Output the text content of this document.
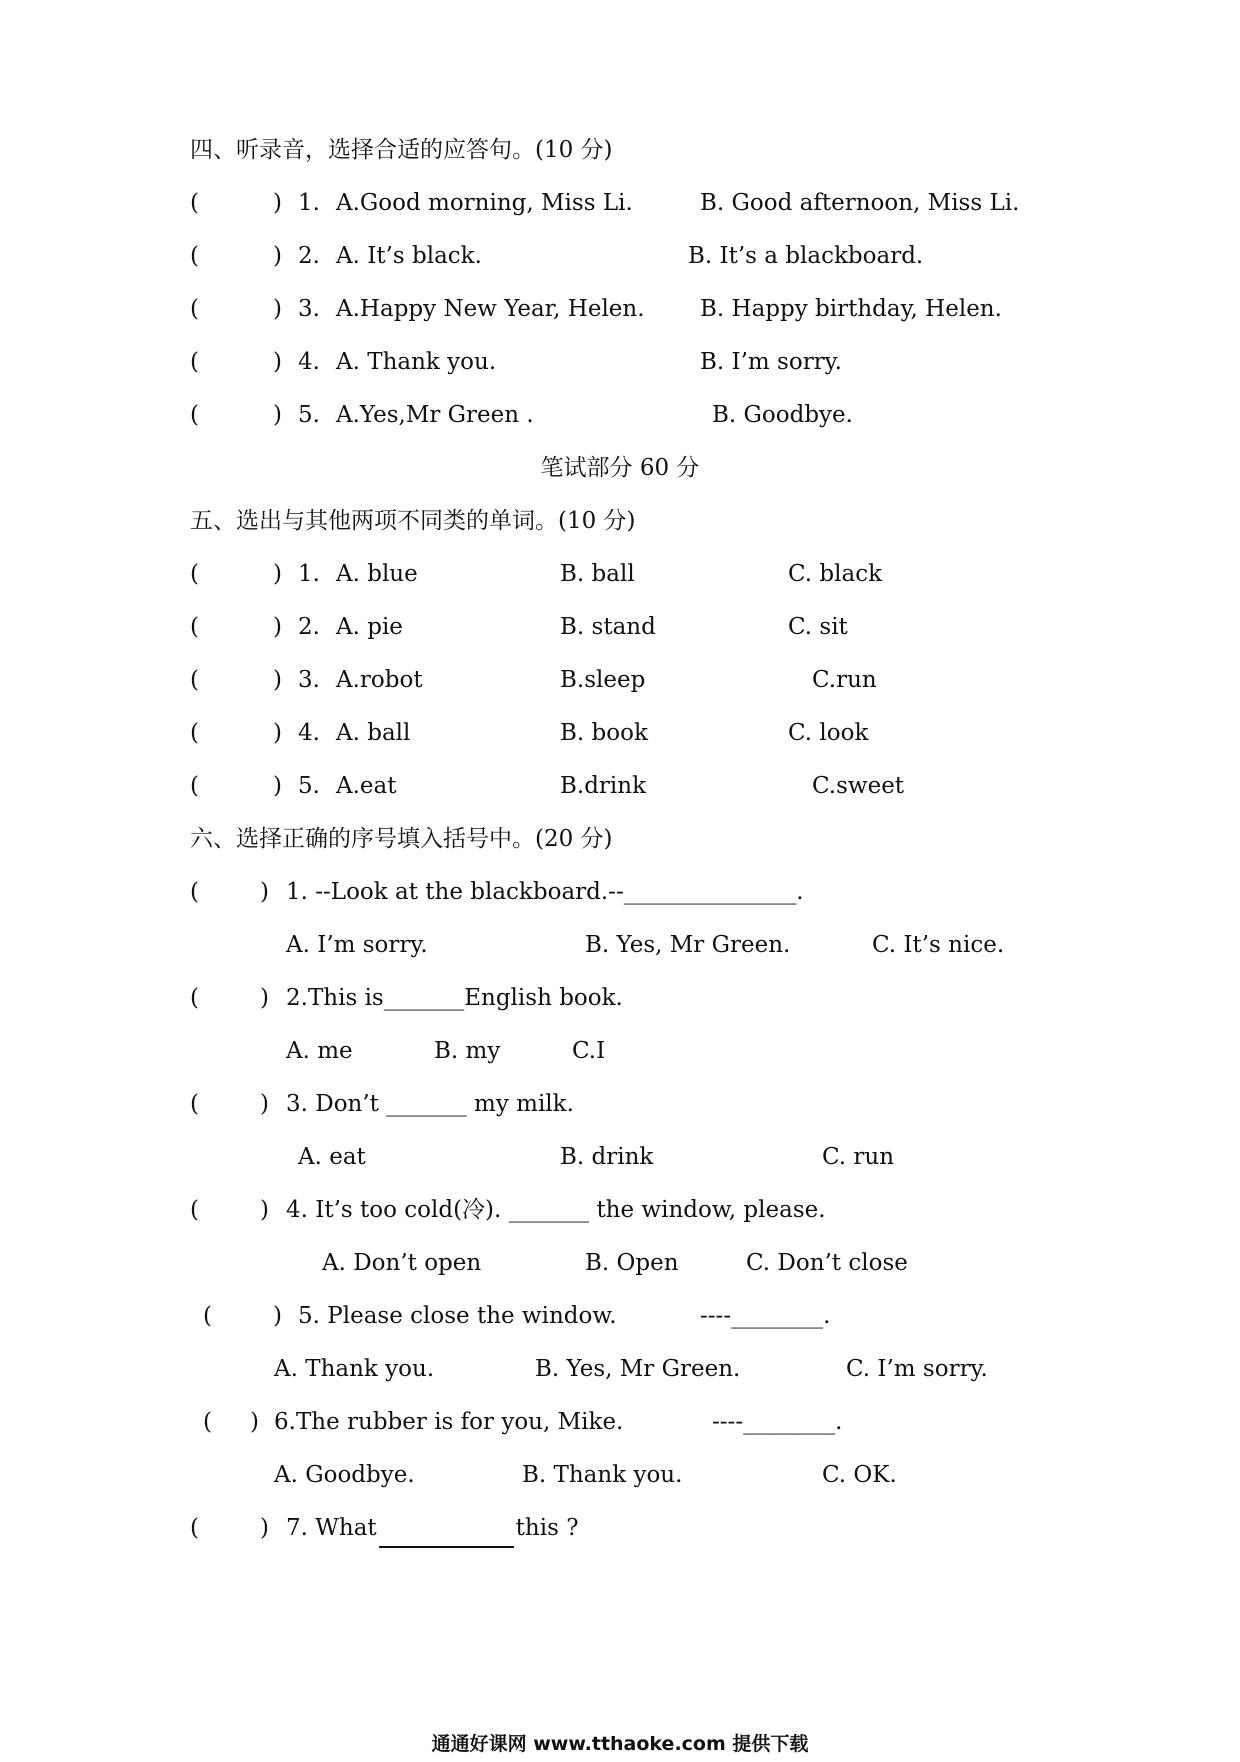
四、听录音，选择合适的应答句。(10 分)
(	) 1. A.Good morning, Miss Li.	B. Good afternoon, Miss Li.
(	) 2. A. It’s black.	B. It’s a blackboard.
(	) 3. A.Happy New Year, Helen. B. Happy birthday, Helen.
(	) 4. A. Thank you.	B. I’m sorry.
(	) 5. A.Yes,Mr Green .	B. Goodbye.
笔试部分 60 分
五、选出与其他两项不同类的单词。(10 分)
(	) 1. A. blue	B. ball	C. black
(	) 2. A. pie	B. stand	C. sit
(	) 3. A.robot	B.sleep	C.run
(	) 4. A. ball	B. book	C. look
(	) 5. A.eat	B.drink	C.sweet
六、选择正确的序号填入括号中。(20 分)
(	) 1. --Look at the blackboard.--_______________.
A. I’m sorry.	B. Yes, Mr Green.	C. It’s nice.
(	) 2.This is_______English book.
A. me	B. my	C.I
(	) 3. Don’t _______ my milk.
A. eat	B. drink	C. run
(	) 4. It’s too cold(冷). _______ the window, please.
A. Don’t open	B. Open	C. Don’t close
(	) 5. Please close the window.	----________.
A. Thank you.	B. Yes, Mr Green.	C. I’m sorry.
( ) 6.The rubber is for you, Mike.	----________.
A. Goodbye.	B. Thank you.	C. OK.
(	) 7. What	this ?
通通好课网 www.tthaoke.com 提供下载
